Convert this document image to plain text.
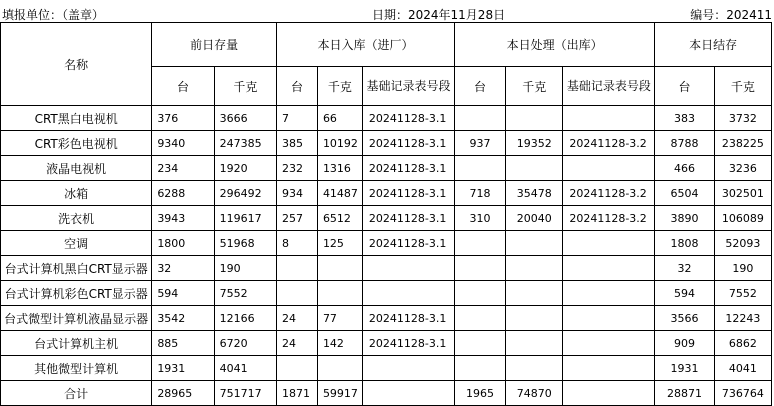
填报单位：（盖章）	日期：2024年11月28日	编号：202411
名称	前日存量		本日入库（进厂）			本日处理（出库）			本日结存	
	台	千克	台	千克	基础记录表号段	台	千克	基础记录表号段	台	千克
CRT黑白电视机	376	3666	7	66	20241128-3.1				383	3732
CRT彩色电视机	9340	247385	385	10192	20241128-3.1	937	19352	20241128-3.2	8788	238225
液晶电视机	234	1920	232	1316	20241128-3.1				466	3236
冰箱	6288	296492	934	41487	20241128-3.1	718	35478	20241128-3.2	6504	302501
洗衣机	3943	119617	257	6512	20241128-3.1	310	20040	20241128-3.2	3890	106089
空调	1800	51968	8	125	20241128-3.1				1808	52093
台式计算机黑白CRT显示器	32	190							32	190
台式计算机彩色CRT显示器	594	7552							594	7552
台式微型计算机液晶显示器	3542	12166	24	77	20241128-3.1				3566	12243
台式计算机主机	885	6720	24	142	20241128-3.1				909	6862
其他微型计算机	1931	4041							1931	4041
合计	28965	751717	1871	59917		1965	74870		28871	736764
